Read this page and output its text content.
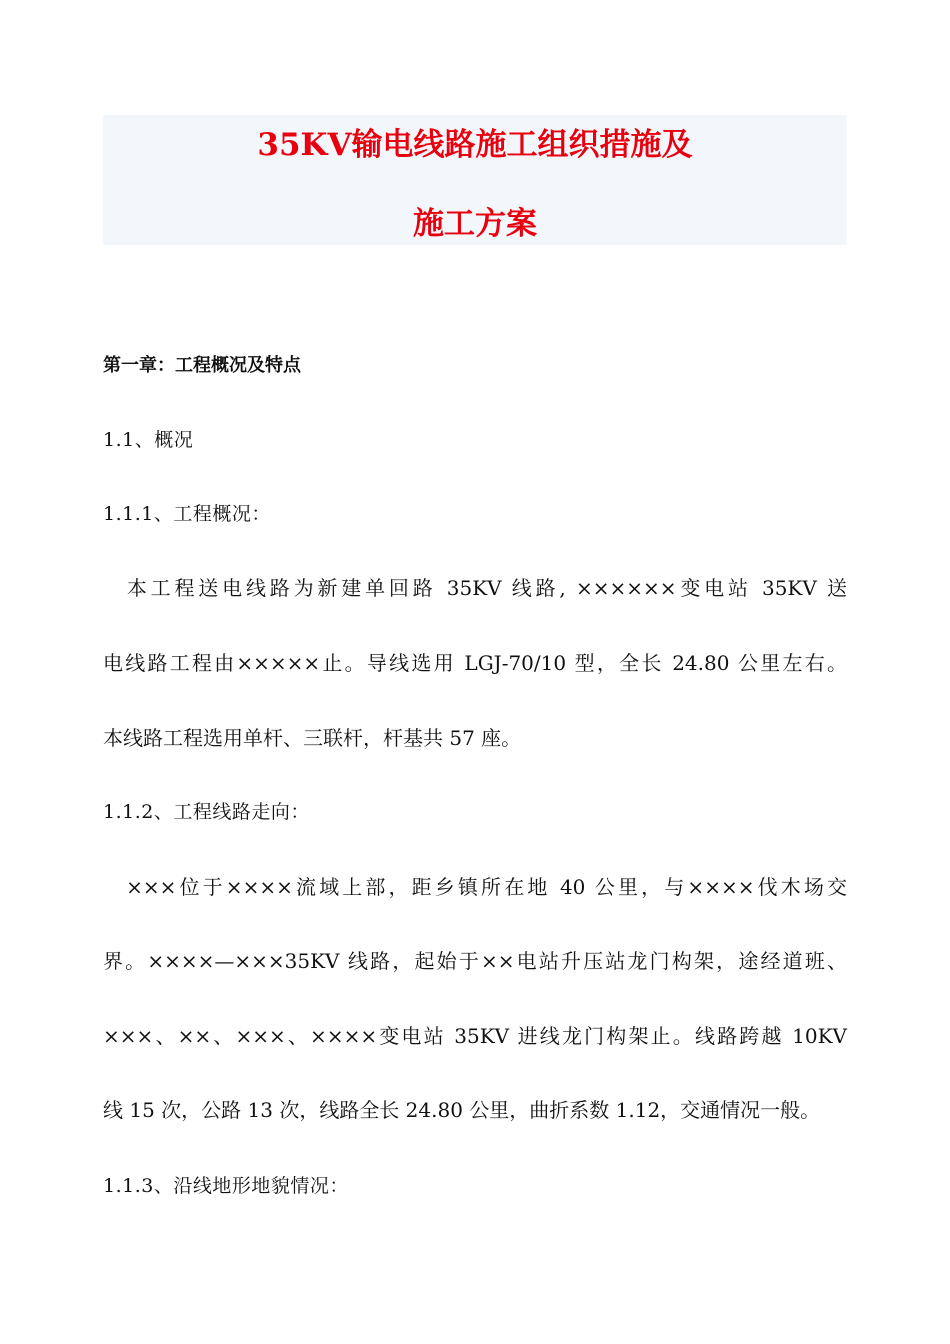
35KV输电线路施工组织措施及
施工方案
第一章：工程概况及特点
1.1、概况
1.1.1、工程概况：
　本工程送电线路为新建单回路 35KV 线路, ××××××变电站 35KV 送
电线路工程由×××××止。导线选用 LGJ-70/10 型，全长 24.80 公里左右。
本线路工程选用单杆、三联杆，杆基共 57 座。
1.1.2、工程线路走向：
　×××位于××××流域上部，距乡镇所在地 40 公里，与××××伐木场交
界。××××—×××35KV 线路，起始于××电站升压站龙门构架，途经道班、
×××、××、×××、××××变电站 35KV 进线龙门构架止。线路跨越 10KV
线 15 次，公路 13 次，线路全长 24.80 公里，曲折系数 1.12，交通情况一般。
1.1.3、沿线地形地貌情况：
